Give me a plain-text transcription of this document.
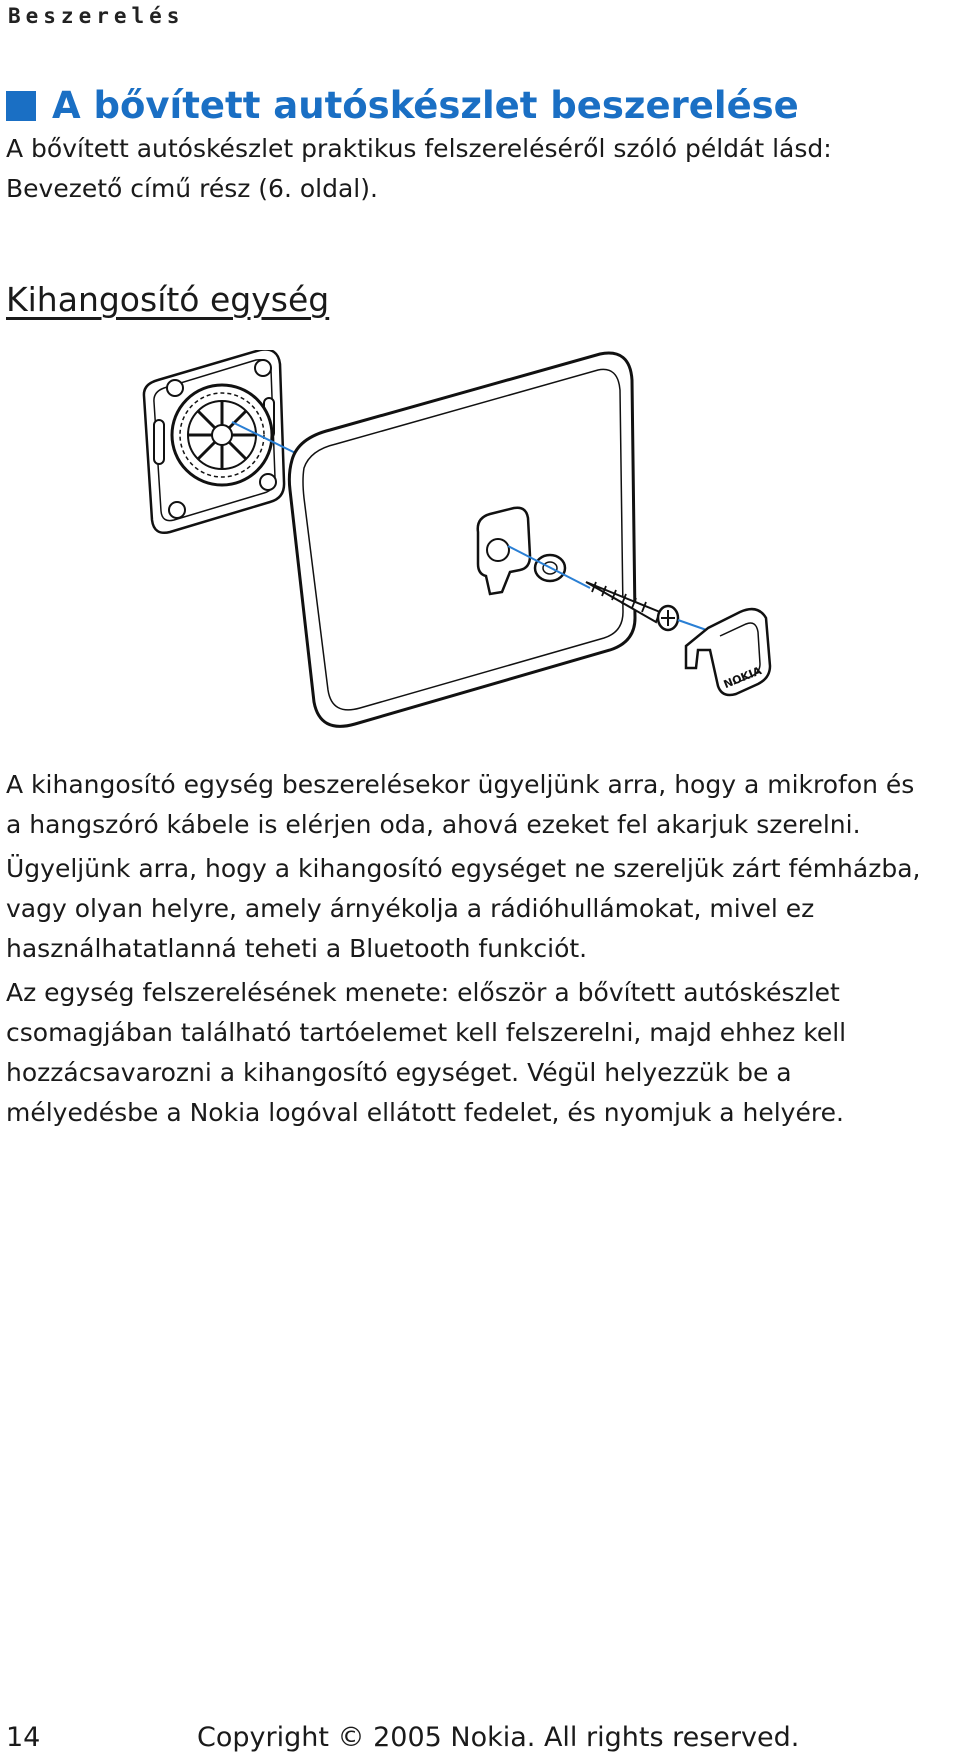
Beszerelés
A bővített autóskészlet beszerelése

A bővített autóskészlet praktikus felszereléséről szóló példát lásd:

Bevezető című rész (6. oldal).

Kihangosító egység
NOKIA

A kihangosító egység beszerelésekor ügyeljünk arra, hogy a mikrofon és

a hangszóró kábele is elérjen oda, ahová ezeket fel akarjuk szerelni.

Ügyeljünk arra, hogy a kihangosító egységet ne szereljük zárt fémházba,

vagy olyan helyre, amely árnyékolja a rádióhullámokat, mivel ez

használhatatlanná teheti a Bluetooth funkciót.

Az egység felszerelésének menete: először a bővített autóskészlet

csomagjában található tartóelemet kell felszerelni, majd ehhez kell

hozzácsavarozni a kihangosító egységet. Végül helyezzük be a

mélyedésbe a Nokia logóval ellátott fedelet, és nyomjuk a helyére.

14	Copyright © 2005 Nokia. All rights reserved.
